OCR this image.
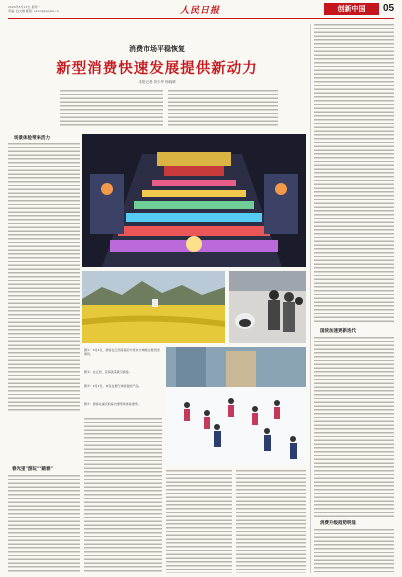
2024年5月13日 星期一
责编: 赵文楠 邮箱: xxxx@people.cn	人民日报	创新中国	05
消费市场平稳恢复
新型消费快速发展提供新动力
本报记者 刘少华 杨晓晴
场景体验带来活力
春光里"游玩""踏春"
图①：5月4日，游客在江西南昌的方特东方神画主题乐园游玩。
图②：在江西，花海美景吸引游客。
图③：5月2日，市民在展厅体验智能产品。
图④：游客在重庆的室内滑雪场体验滑雪。
国货加速更新迭代
消费升级趋势明显
